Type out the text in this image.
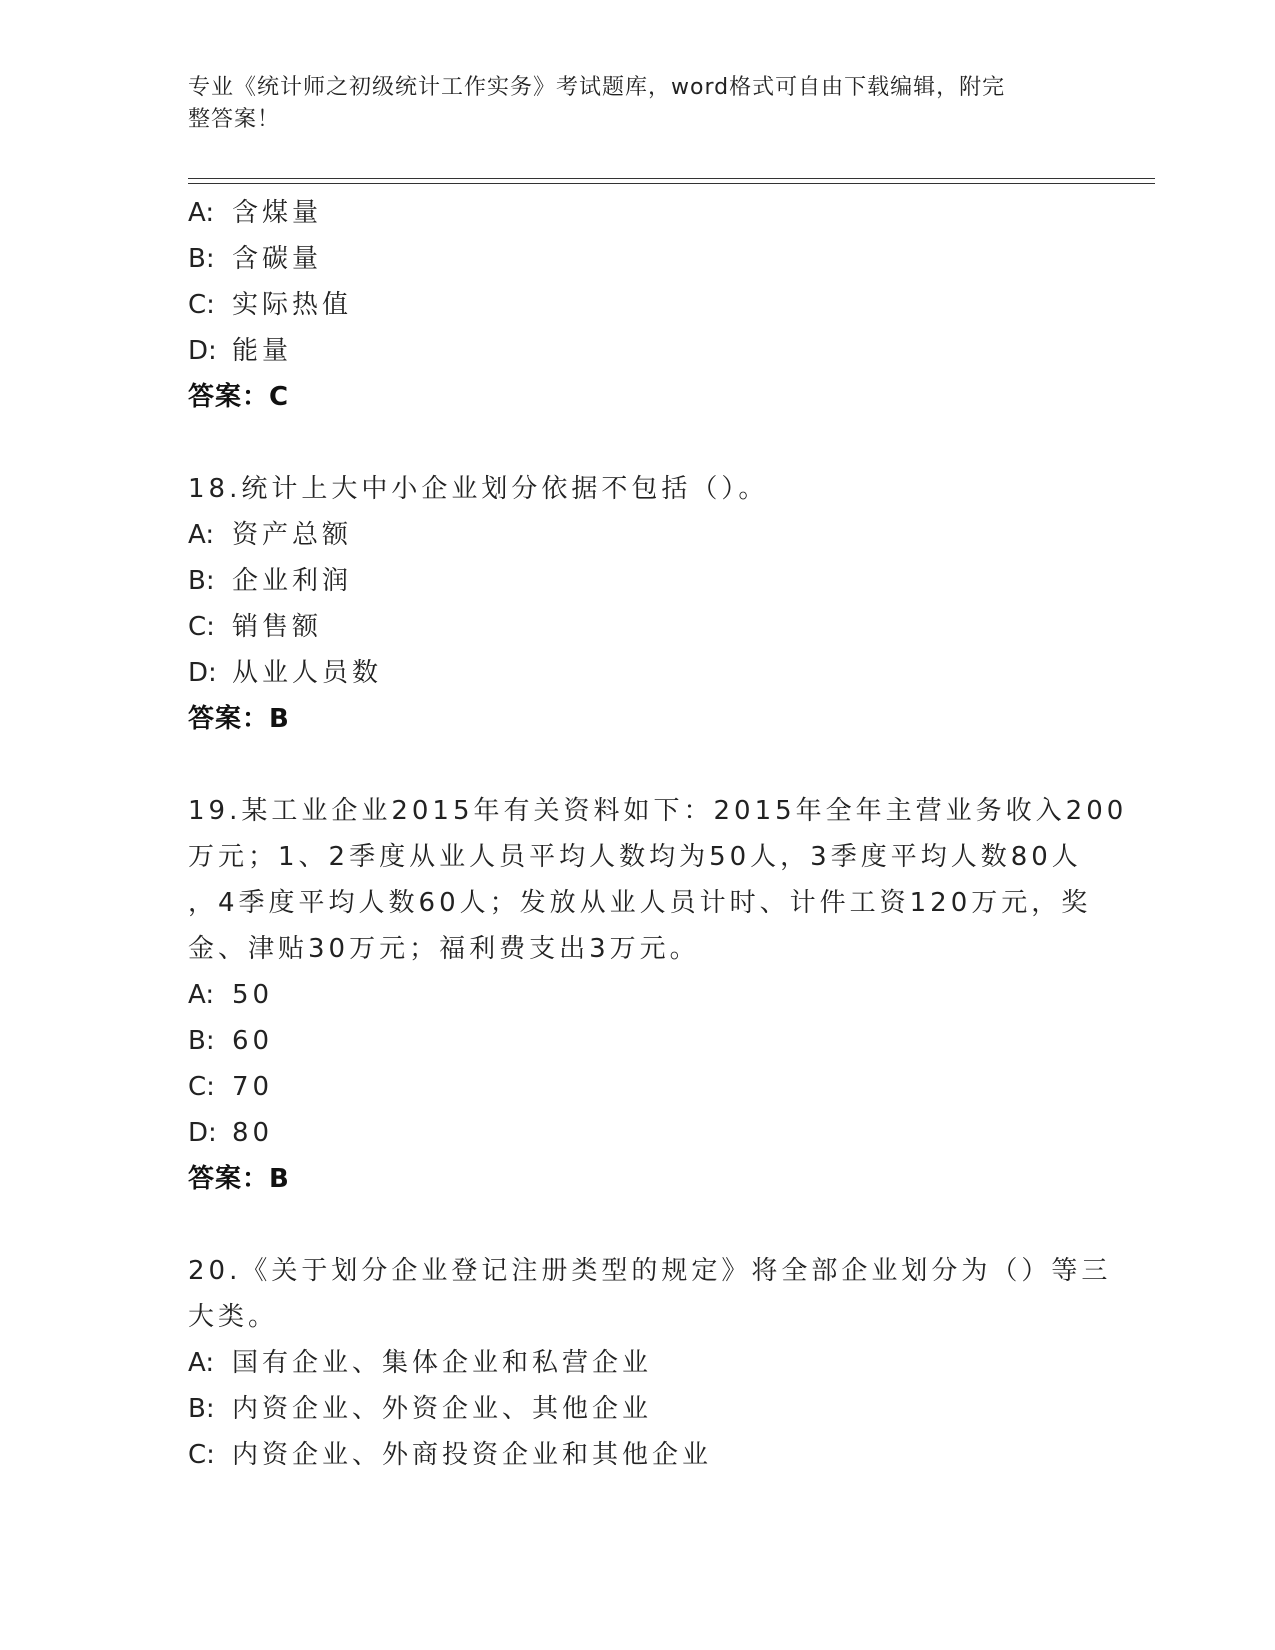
专业《统计师之初级统计工作实务》考试题库，word格式可自由下载编辑，附完
整答案！
A: 含煤量
B: 含碳量
C: 实际热值
D: 能量
答案：C
18.统计上大中小企业划分依据不包括（）。
A: 资产总额
B: 企业利润
C: 销售额
D: 从业人员数
答案：B
19.某工业企业2015年有关资料如下：2015年全年主营业务收入200
万元；1、2季度从业人员平均人数均为50人，3季度平均人数80人
，4季度平均人数60人；发放从业人员计时、计件工资120万元，奖
金、津贴30万元；福利费支出3万元。
A: 50
B: 60
C: 70
D: 80
答案：B
20.《关于划分企业登记注册类型的规定》将全部企业划分为（）等三
大类。
A: 国有企业、集体企业和私营企业
B: 内资企业、外资企业、其他企业
C: 内资企业、外商投资企业和其他企业
